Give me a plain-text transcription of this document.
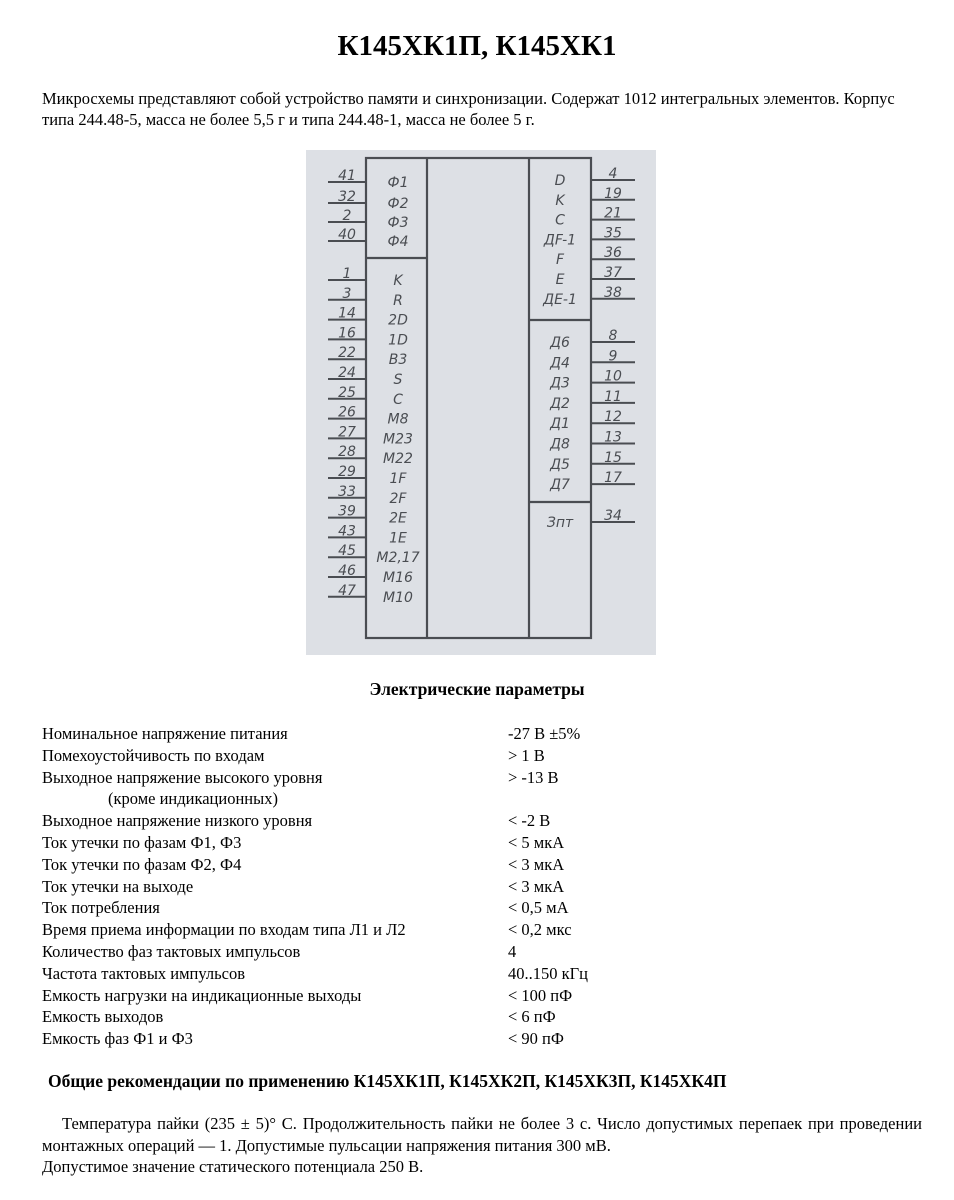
К145ХК1П, К145ХК1
Микросхемы представляют собой устройство памяти и синхронизации. Содержат 1012 интегральных элементов. Корпус типа 244.48-5, масса не более 5,5 г и типа 244.48-1, масса не более 5 г.
41 Ф1
32 Ф2
2	Ф3
40 Ф4
1	K
3	R
14 2D
16 1D
22 B3
24	S
25	C
26 M8
27 M23
28 M22
29 1F
33 2F
39 2E
43 1E
45 M2,17
46 M16
47 M10
4
D
19
K
21
C
35
ДF-1
36
F
37
E
38
ДE-1
8
Д6
9
Д4
10
Д3
11
Д2
12
Д1
13
Д8
15
Д5
17
Д7
34
Зпт
Электрические параметры
Номинальное напряжение питания	-27 В ±5%
Помехоустойчивость по входам	> 1 В
Выходное напряжение высокого уровня	> -13 В
(кроме индикационных)
Выходное напряжение низкого уровня	< -2 В
Ток утечки по фазам Ф1, Ф3	< 5 мкА
Ток утечки по фазам Ф2, Ф4	< 3 мкА
Ток утечки на выходе	< 3 мкА
Ток потребления	< 0,5 мА
Время приема информации по входам типа Л1 и Л2	< 0,2 мкс
Количество фаз тактовых импульсов	4
Частота тактовых импульсов	40..150 кГц
Емкость нагрузки на индикационные выходы	< 100 пФ
Емкость выходов	< 6 пФ
Емкость фаз Ф1 и Ф3	< 90 пФ
Общие рекомендации по применению К145ХК1П, К145ХК2П, К145ХК3П, К145ХК4П
Температура пайки (235 ± 5)° С. Продолжительность пайки не более 3 с. Число допустимых перепаек при проведении монтажных операций — 1. Допустимые пульсации напряжения питания 300 мВ.
Допустимое значение статического потенциала 250 В.
